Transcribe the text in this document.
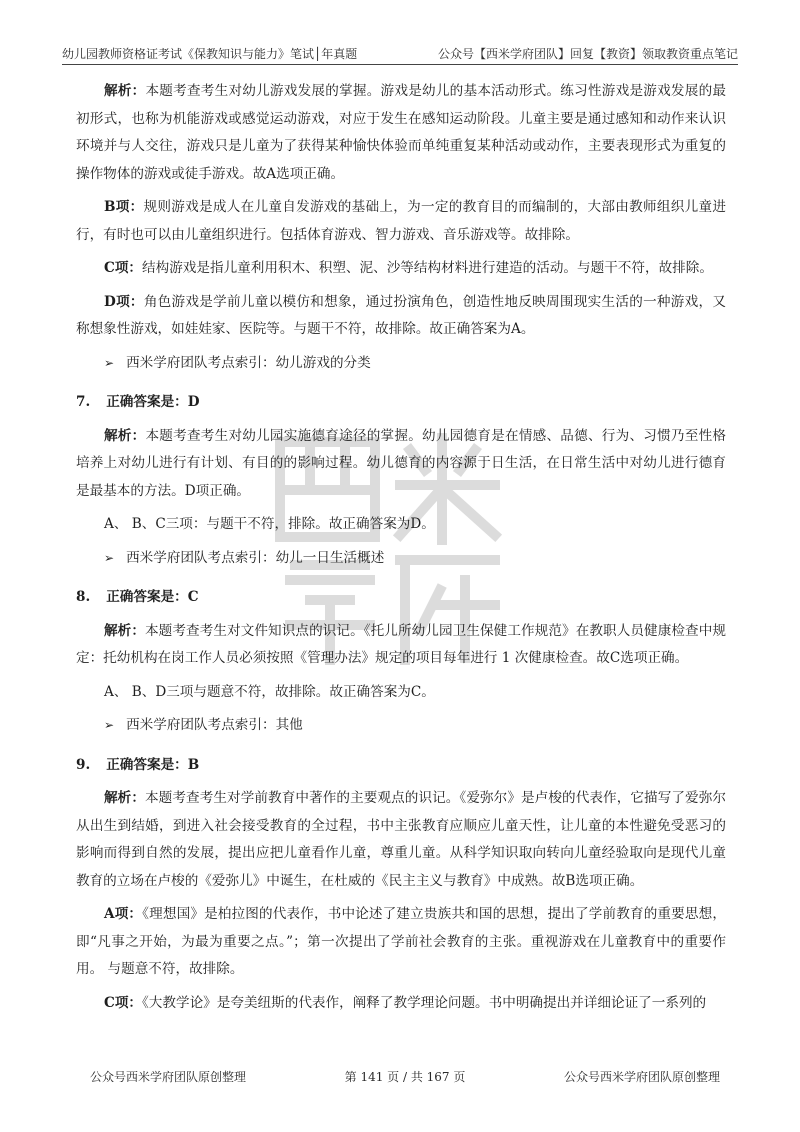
幼儿园教师资格证考试《保教知识与能力》笔试│年真题	公众号【西米学府团队】回复【教资】领取教资重点笔记
西米学府

解析：本题考查考生对幼儿游戏发展的掌握。游戏是幼儿的基本活动形式。练习性游戏是游戏发展的最初形式，也称为机能游戏或感觉运动游戏，对应于发生在感知运动阶段。儿童主要是通过感知和动作来认识环境并与人交往，游戏只是儿童为了获得某种愉快体验而单纯重复某种活动或动作，主要表现形式为重复的操作物体的游戏或徒手游戏。故A选项正确。

B项：规则游戏是成人在儿童自发游戏的基础上，为一定的教育目的而编制的，大部由教师组织儿童进行，有时也可以由儿童组织进行。包括体育游戏、智力游戏、音乐游戏等。故排除。

C项：结构游戏是指儿童利用积木、积塑、泥、沙等结构材料进行建造的活动。与题干不符，故排除。

D项：角色游戏是学前儿童以模仿和想象，通过扮演角色，创造性地反映周围现实生活的一种游戏，又称想象性游戏，如娃娃家、医院等。与题干不符，故排除。故正确答案为A。

➢ 西米学府团队考点索引：幼儿游戏的分类
7. 正确答案是：D

解析：本题考查考生对幼儿园实施德育途径的掌握。幼儿园德育是在情感、品德、行为、习惯乃至性格培养上对幼儿进行有计划、有目的的影响过程。幼儿德育的内容源于日生活，在日常生活中对幼儿进行德育是最基本的方法。D项正确。

A、 B、C三项：与题干不符，排除。故正确答案为D。

➢ 西米学府团队考点索引：幼儿一日生活概述
8. 正确答案是：C

解析：本题考查考生对文件知识点的识记。《托儿所幼儿园卫生保健工作规范》在教职人员健康检查中规定：托幼机构在岗工作人员必须按照《管理办法》规定的项目每年进行 1 次健康检查。故C选项正确。

A、 B、D三项与题意不符，故排除。故正确答案为C。

➢ 西米学府团队考点索引：其他
9. 正确答案是：B

解析：本题考查考生对学前教育中著作的主要观点的识记。《爱弥尔》是卢梭的代表作，它描写了爱弥尔从出生到结婚，到进入社会接受教育的全过程，书中主张教育应顺应儿童天性，让儿童的本性避免受恶习的影响而得到自然的发展，提出应把儿童看作儿童，尊重儿童。从科学知识取向转向儿童经验取向是现代儿童教育的立场在卢梭的《爱弥儿》中诞生，在杜威的《民主主义与教育》中成熟。故B选项正确。

A项：《理想国》是柏拉图的代表作，书中论述了建立贵族共和国的思想，提出了学前教育的重要思想，即“凡事之开始，为最为重要之点。”；第一次提出了学前社会教育的主张。重视游戏在儿童教育中的重要作用。 与题意不符，故排除。

C项：《大教学论》是夸美纽斯的代表作，阐释了教学理论问题。书中明确提出并详细论证了一系列的

公众号西米学府团队原创整理	第 141 页 / 共 167 页	公众号西米学府团队原创整理
